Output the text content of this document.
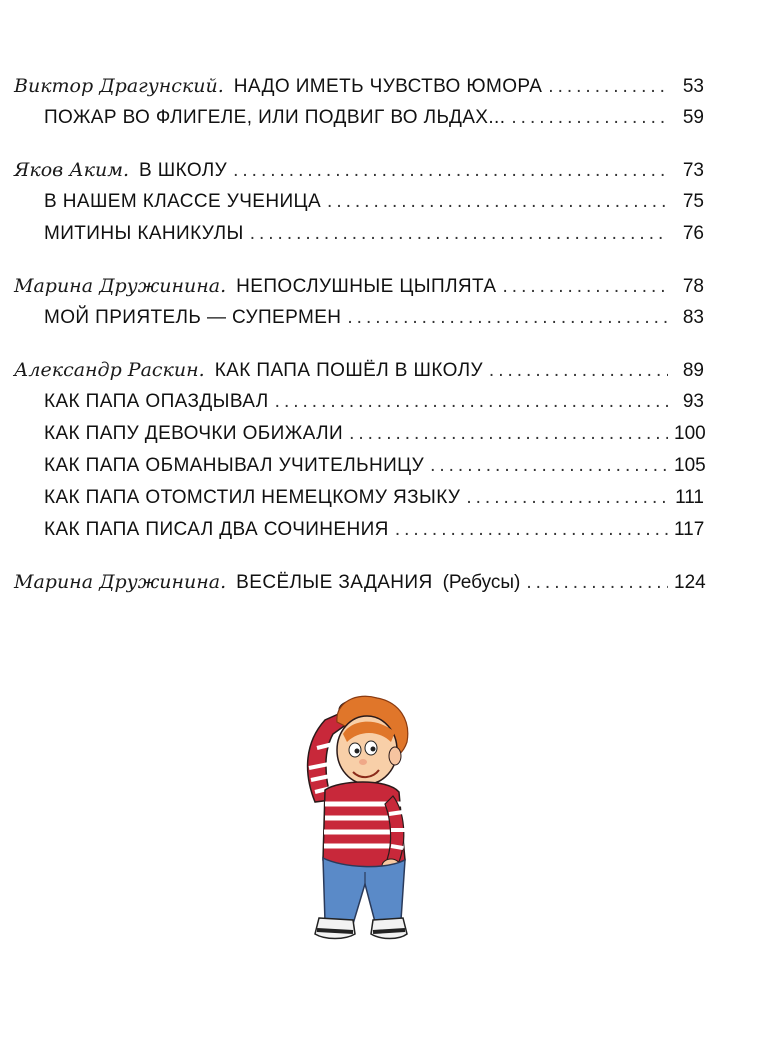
Виктор Драгунский. НАДО ИМЕТЬ ЧУВСТВО ЮМОРА .....	53
ПОЖАР ВО ФЛИГЕЛЕ, ИЛИ ПОДВИГ ВО ЛЬДАХ... .....	59
Яков Аким. В ШКОЛУ .....	73
В НАШЕМ КЛАССЕ УЧЕНИЦА .....	75
МИТИНЫ КАНИКУЛЫ .....	76
Марина Дружинина. НЕПОСЛУШНЫЕ ЦЫПЛЯТА .....	78
МОЙ ПРИЯТЕЛЬ — СУПЕРМЕН .....	83
Александр Раскин. КАК ПАПА ПОШЁЛ В ШКОЛУ .....	89
КАК ПАПА ОПАЗДЫВАЛ .....	93
КАК ПАПУ ДЕВОЧКИ ОБИЖАЛИ .....	100
КАК ПАПА ОБМАНЫВАЛ УЧИТЕЛЬНИЦУ .....	105
КАК ПАПА ОТОМСТИЛ НЕМЕЦКОМУ ЯЗЫКУ .....	111
КАК ПАПА ПИСАЛ ДВА СОЧИНЕНИЯ .....	117
Марина Дружинина. ВЕСЁЛЫЕ ЗАДАНИЯ (Ребусы) .....	124
